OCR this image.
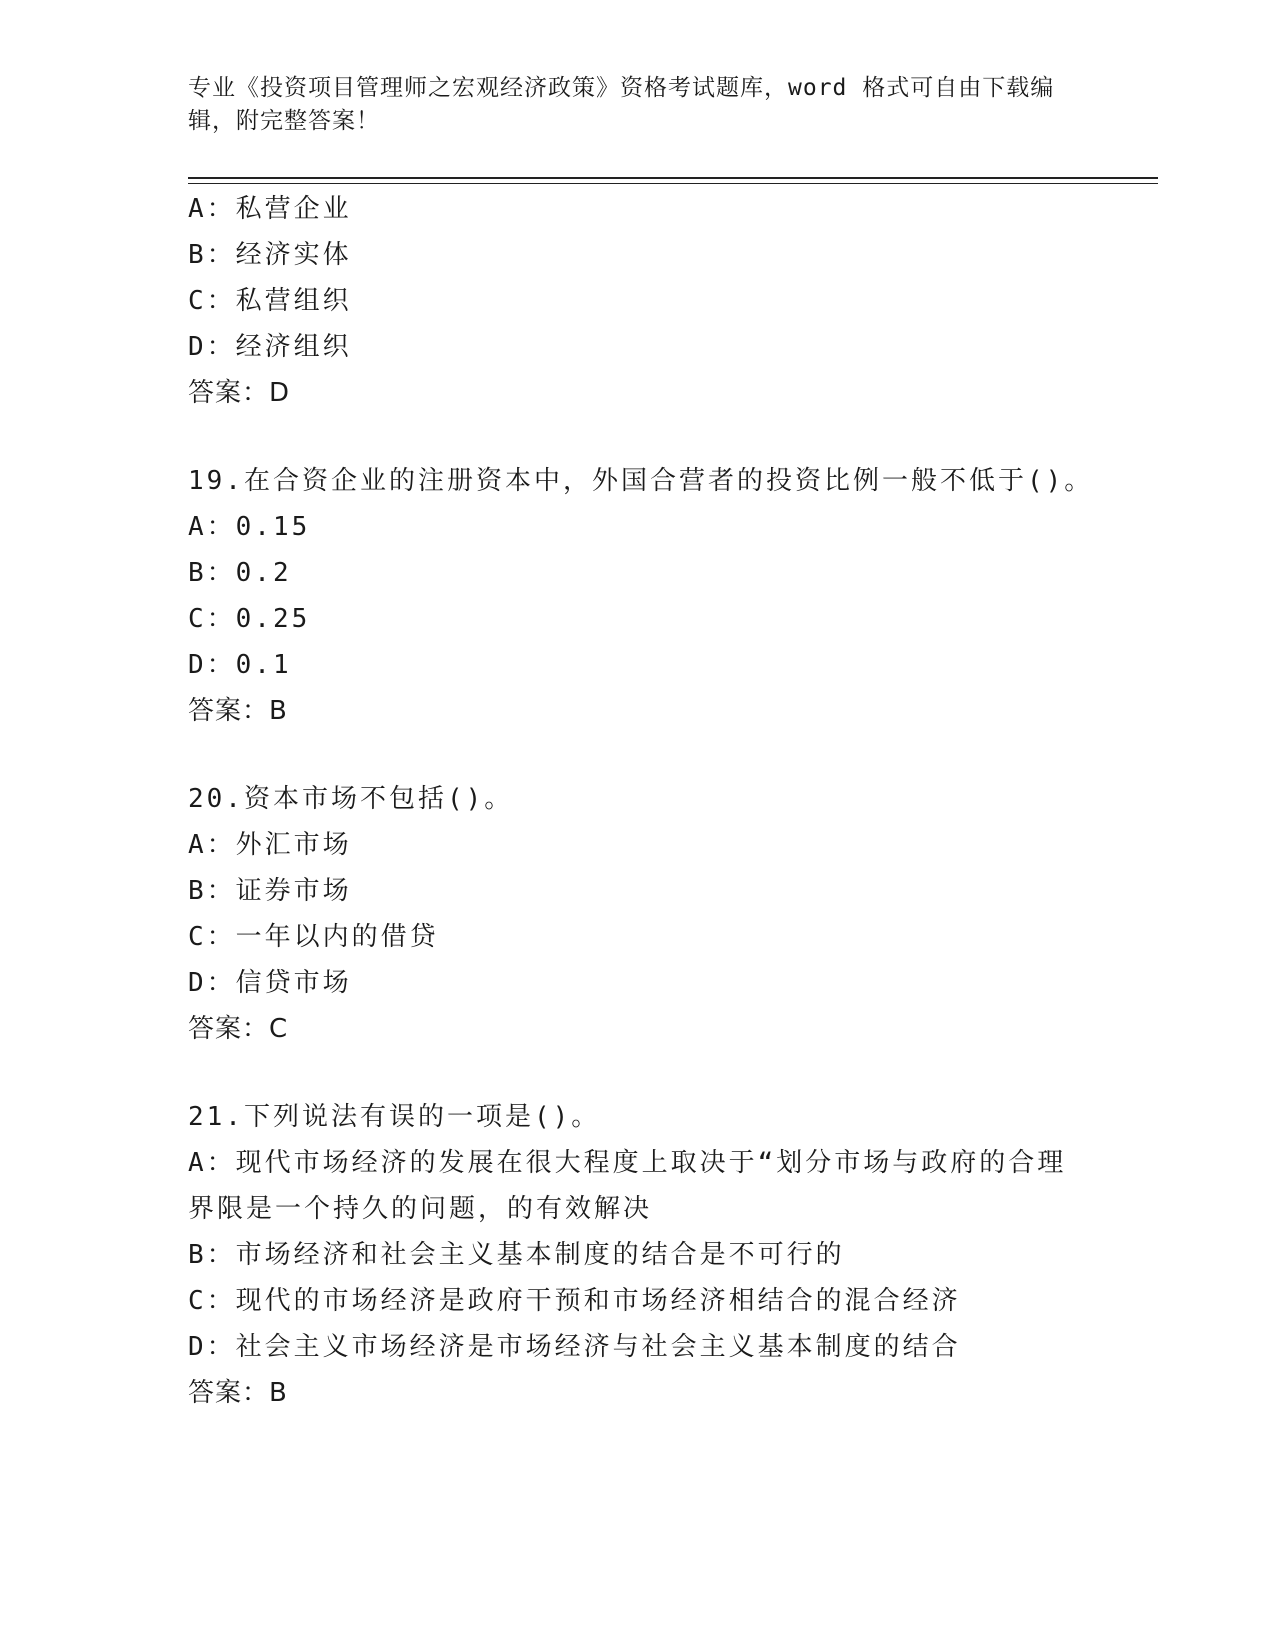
专业《投资项目管理师之宏观经济政策》资格考试题库，word 格式可自由下载编辑，附完整答案！
A：私营企业
B：经济实体
C：私营组织
D：经济组织
答案：D
19.在合资企业的注册资本中，外国合营者的投资比例一般不低于()。
A：0.15
B：0.2
C：0.25
D：0.1
答案：B
20.资本市场不包括()。
A：外汇市场
B：证券市场
C：一年以内的借贷
D：信贷市场
答案：C
21.下列说法有误的一项是()。
A：现代市场经济的发展在很大程度上取决于“划分市场与政府的合理界限是一个持久的问题，的有效解决
B：市场经济和社会主义基本制度的结合是不可行的
C：现代的市场经济是政府干预和市场经济相结合的混合经济
D：社会主义市场经济是市场经济与社会主义基本制度的结合
答案：B
